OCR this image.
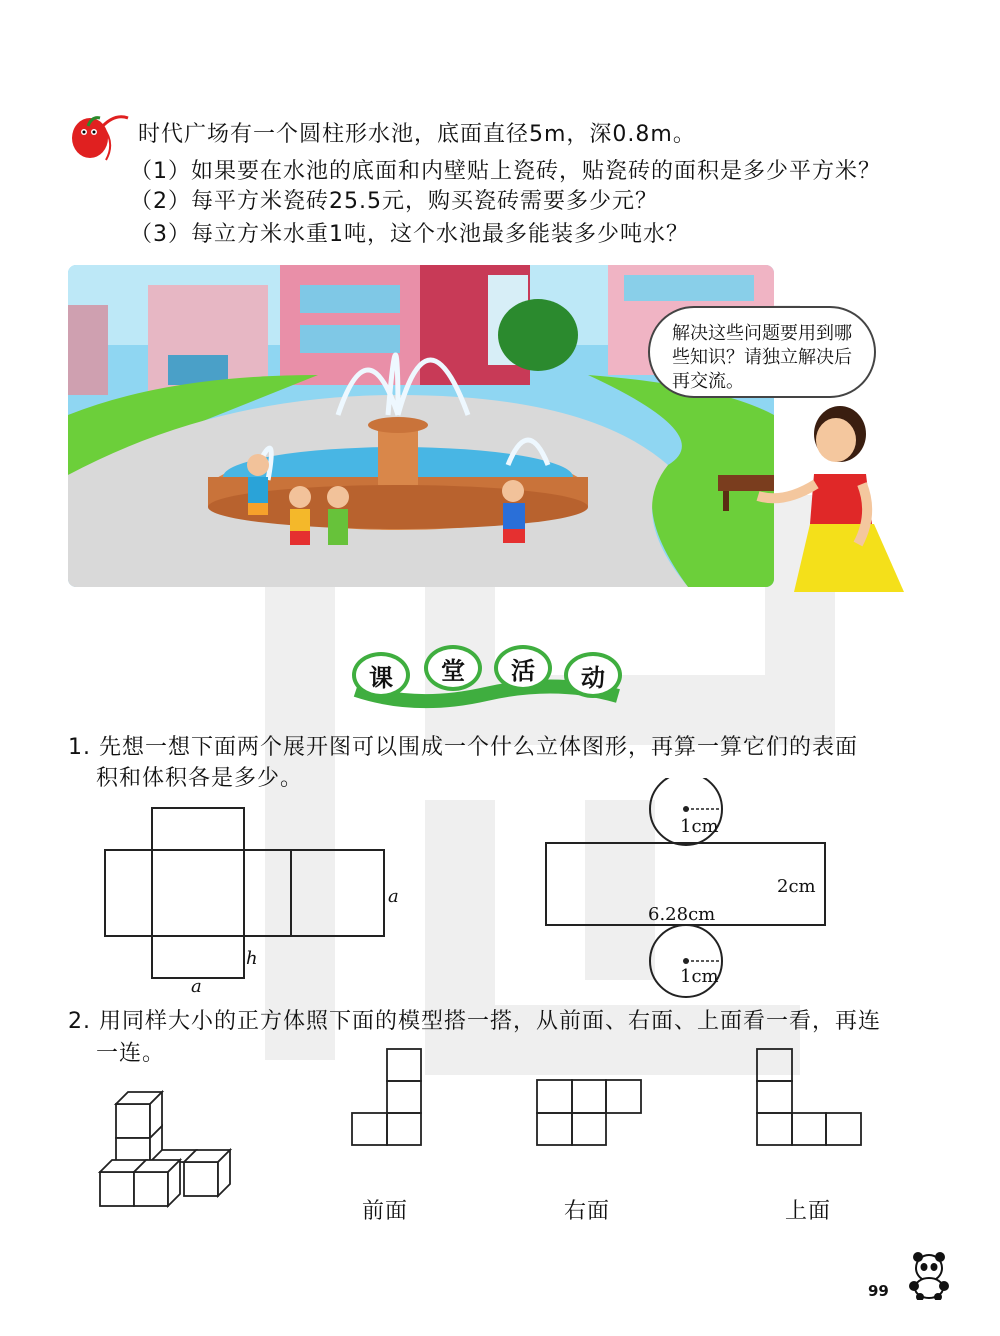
时代广场有一个圆柱形水池，底面直径5m，深0.8m。
（1）如果要在水池的底面和内壁贴上瓷砖，贴瓷砖的面积是多少平方米？
（2）每平方米瓷砖25.5元，购买瓷砖需要多少元？
（3）每立方米水重1吨，这个水池最多能装多少吨水？
解决这些问题要用到哪些知识？请独立解决后再交流。
课	堂	活	动
1. 先想一想下面两个展开图可以围成一个什么立体图形，再算一算它们的表面
积和体积各是多少。
a
h
a
1cm
2cm
6.28cm
1cm
2. 用同样大小的正方体照下面的模型搭一搭，从前面、右面、上面看一看，再连
一连。
前面	右面	上面
99
